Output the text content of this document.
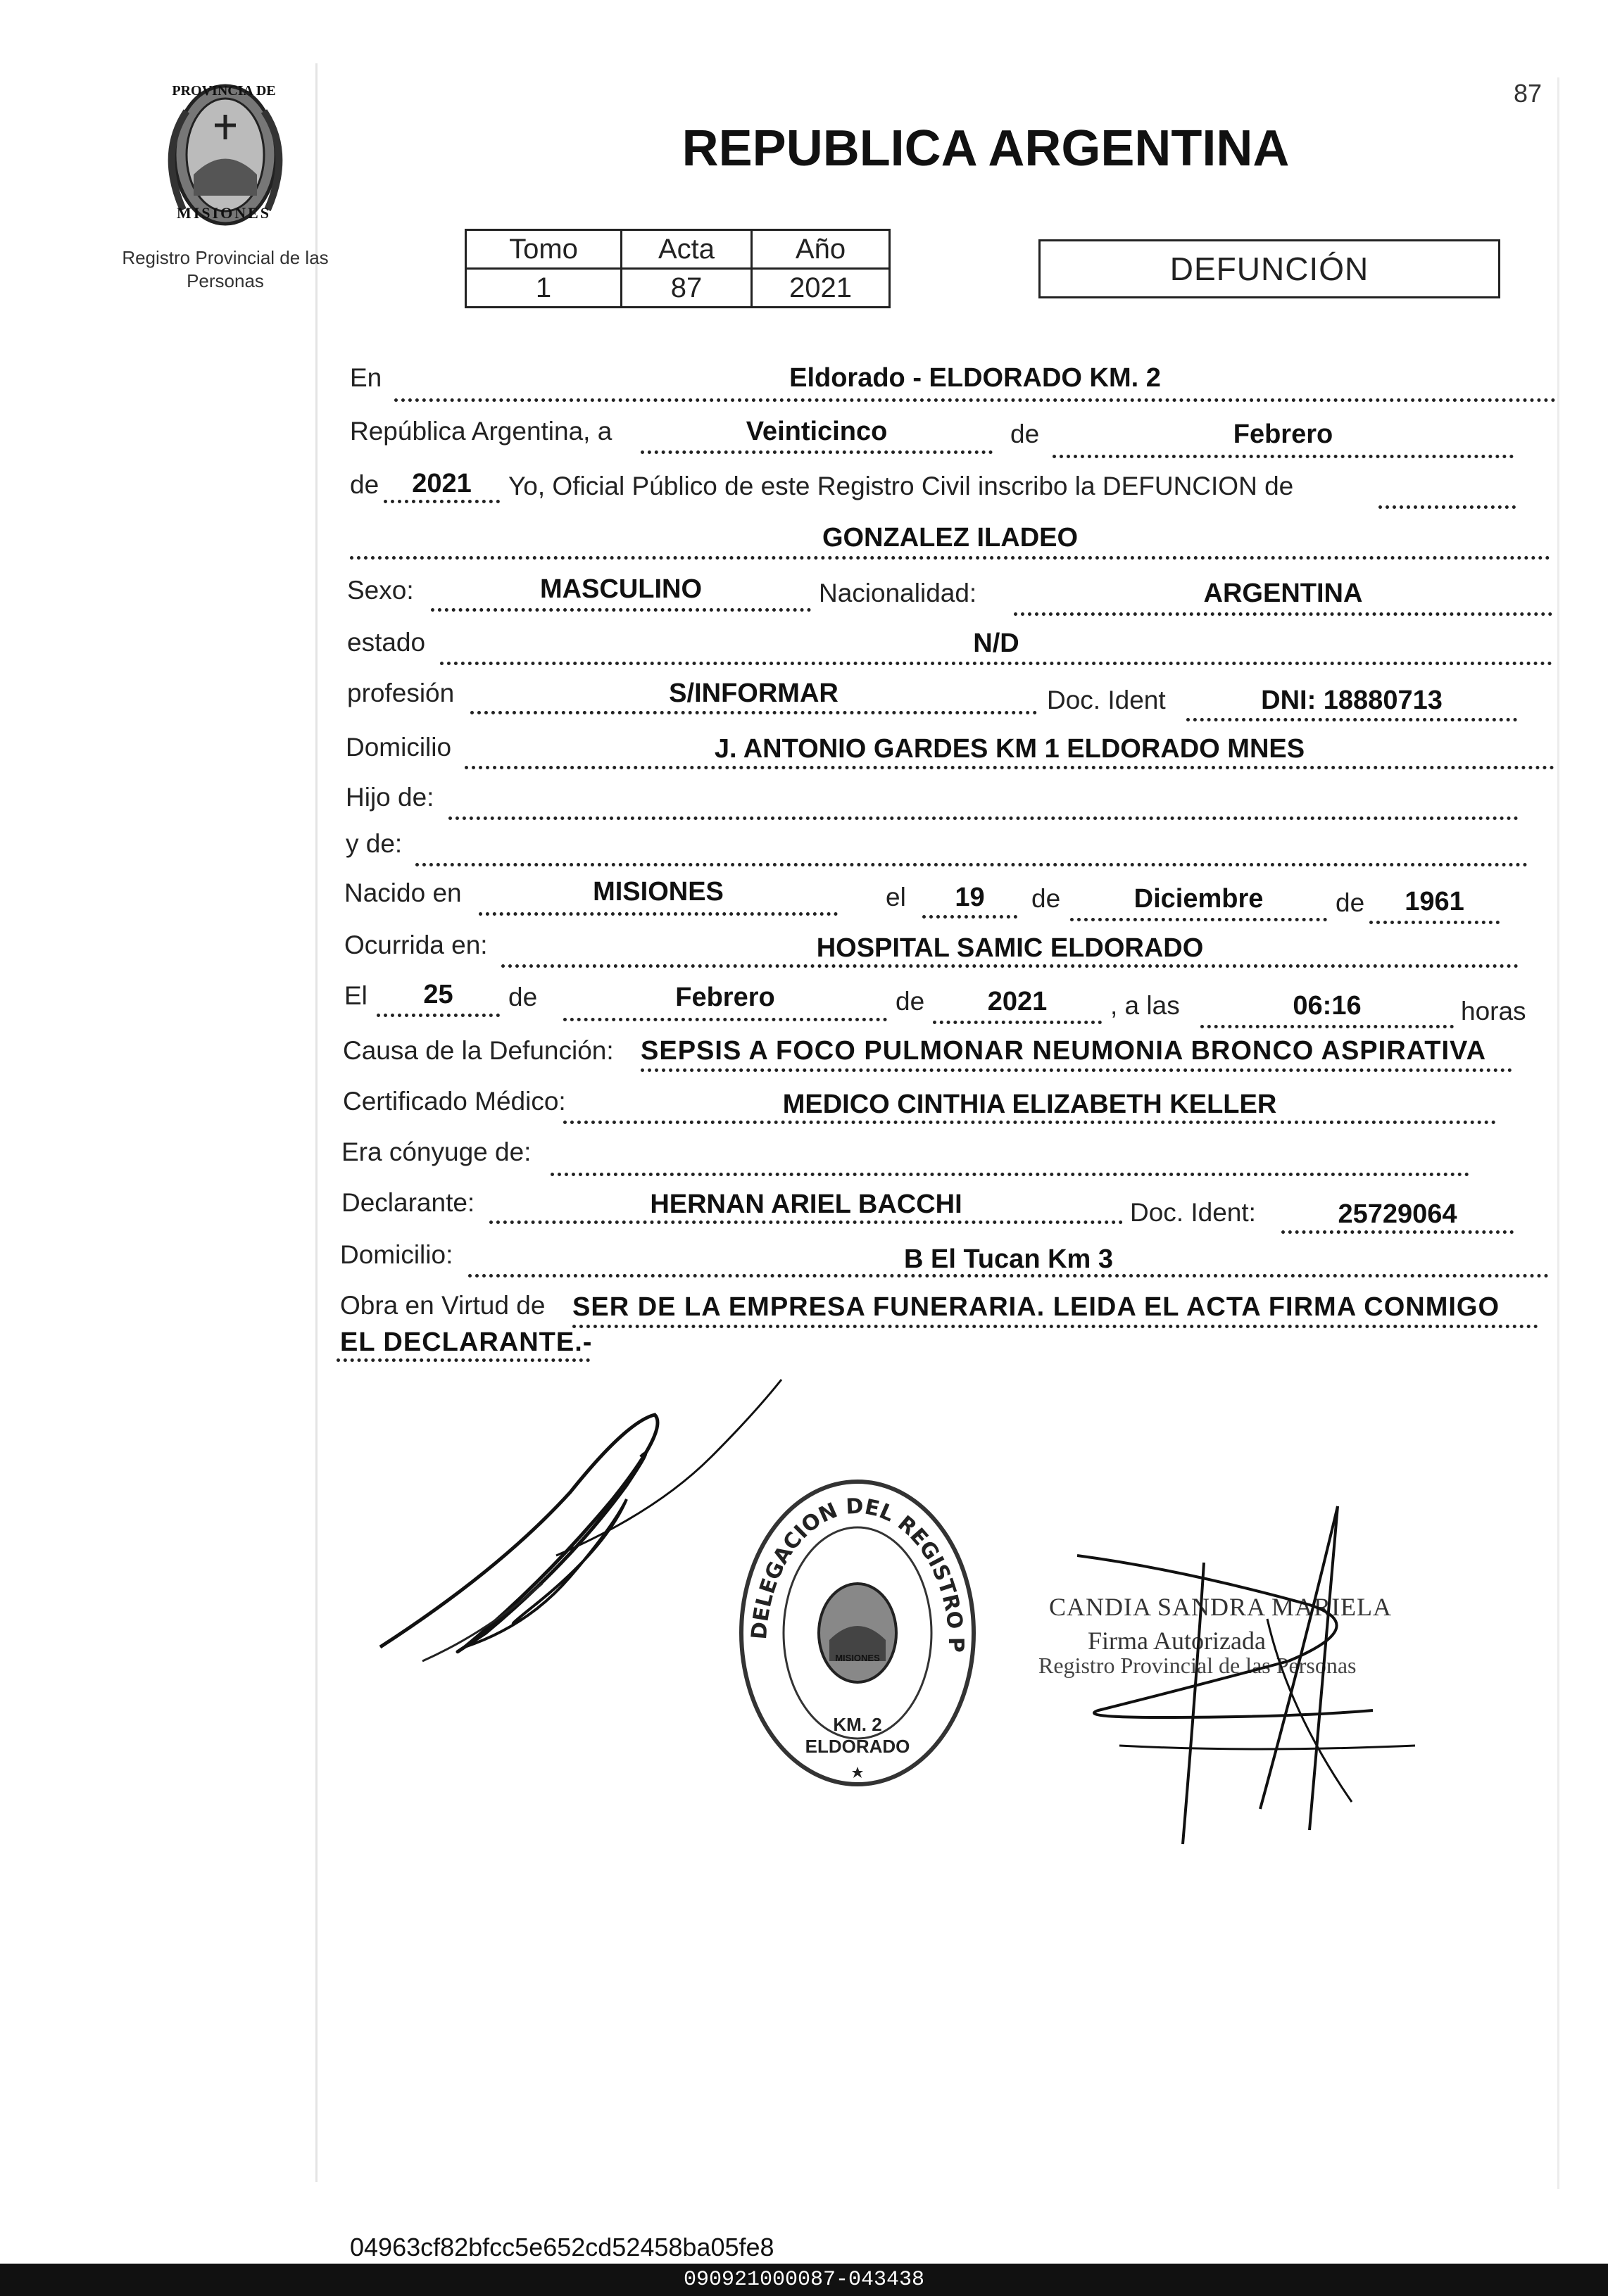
87
PROVINCIA DE
MISIONES
Registro Provincial de las Personas
REPUBLICA ARGENTINA
Tomo	Acta	Año
1	87	2021
DEFUNCIÓN
En	Eldorado - ELDORADO KM. 2
República Argentina, a	Veinticinco	de	Febrero
de	2021	Yo, Oficial Público de este Registro Civil inscribo la DEFUNCION de
GONZALEZ ILADEO
Sexo:	MASCULINO	Nacionalidad:	ARGENTINA
estado	N/D
profesión	S/INFORMAR	Doc. Ident	DNI: 18880713
Domicilio	J. ANTONIO GARDES KM 1 ELDORADO MNES
Hijo de:
y de:
Nacido en	MISIONES	el	19	de	Diciembre	de	1961
Ocurrida en:	HOSPITAL SAMIC ELDORADO
El	25	de	Febrero	de	2021	, a las	06:16	horas
Causa de la Defunción: SEPSIS A FOCO PULMONAR NEUMONIA BRONCO ASPIRATIVA
Certificado Médico:	MEDICO CINTHIA ELIZABETH KELLER
Era cónyuge de:
Declarante:	HERNAN ARIEL BACCHI	Doc. Ident:	25729064
Domicilio:	B El Tucan Km 3
Obra en Virtud de SER DE LA EMPRESA FUNERARIA. LEIDA EL ACTA FIRMA CONMIGO
EL DECLARANTE.-
DELEGACION DEL REGISTRO P
MISIONES
KM. 2 ELDORADO
CANDIA SANDRA MARIELA
Firma Autorizada
Registro Provincial de las Personas
04963cf82bfcc5e652cd52458ba05fe8
090921000087-043438
